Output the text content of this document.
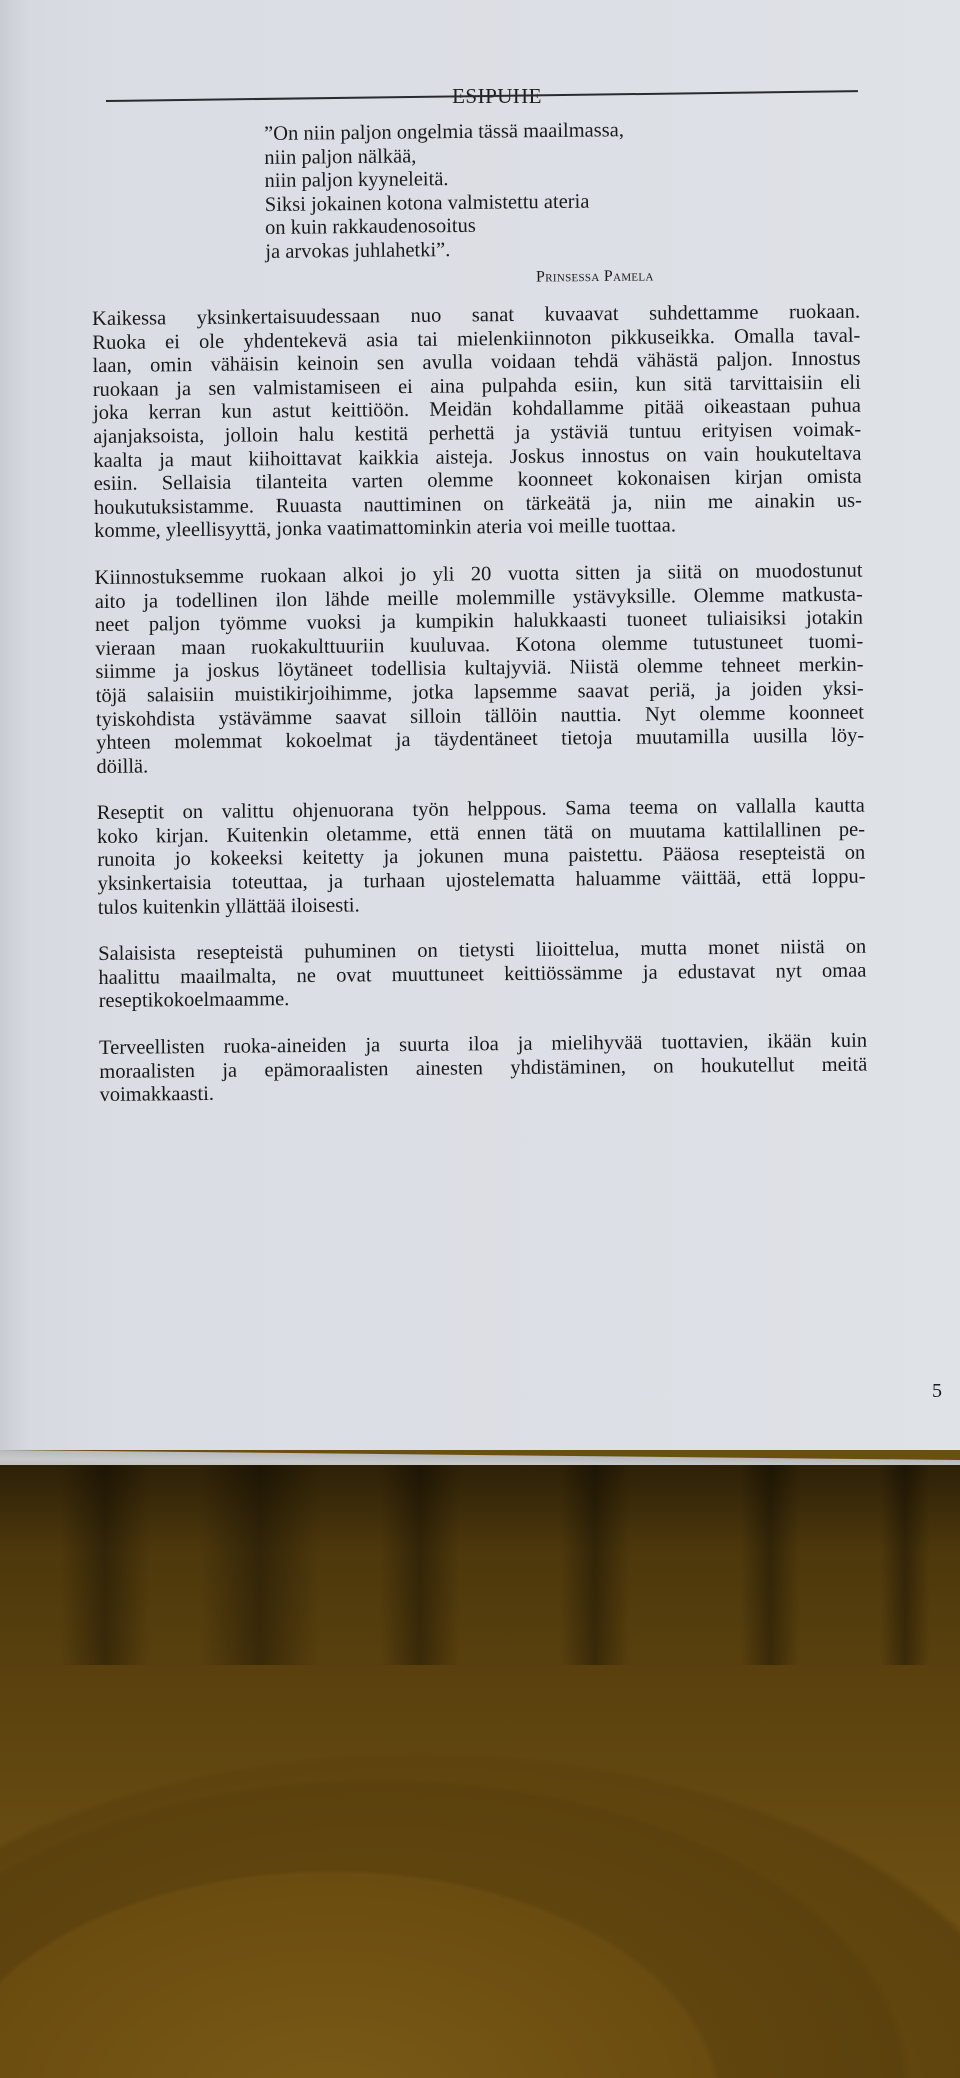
”On niin paljon ongelmia tässä maailmassa,
niin paljon nälkää,
niin paljon kyyneleitä.
Siksi jokainen kotona valmistettu ateria
on kuin rakkaudenosoitus
ja arvokas juhlahetki”.
Prinsessa Pamela
Kaikessa yksinkertaisuudessaan nuo sanat kuvaavat suhdettamme ruokaan.
Ruoka ei ole yhdentekevä asia tai mielenkiinnoton pikkuseikka. Omalla taval-
laan, omin vähäisin keinoin sen avulla voidaan tehdä vähästä paljon. Innostus
ruokaan ja sen valmistamiseen ei aina pulpahda esiin, kun sitä tarvittaisiin eli
joka kerran kun astut keittiöön. Meidän kohdallamme pitää oikeastaan puhua
ajanjaksoista, jolloin halu kestitä perhettä ja ystäviä tuntuu erityisen voimak-
kaalta ja maut kiihoittavat kaikkia aisteja. Joskus innostus on vain houkuteltava
esiin. Sellaisia tilanteita varten olemme koonneet kokonaisen kirjan omista
houkutuksistamme. Ruuasta nauttiminen on tärkeätä ja, niin me ainakin us-
komme, yleellisyyttä, jonka vaatimattominkin ateria voi meille tuottaa.
Kiinnostuksemme ruokaan alkoi jo yli 20 vuotta sitten ja siitä on muodostunut
aito ja todellinen ilon lähde meille molemmille ystävyksille. Olemme matkusta-
neet paljon työmme vuoksi ja kumpikin halukkaasti tuoneet tuliaisiksi jotakin
vieraan maan ruokakulttuuriin kuuluvaa. Kotona olemme tutustuneet tuomi-
siimme ja joskus löytäneet todellisia kultajyviä. Niistä olemme tehneet merkin-
töjä salaisiin muistikirjoihimme, jotka lapsemme saavat periä, ja joiden yksi-
tyiskohdista ystävämme saavat silloin tällöin nauttia. Nyt olemme koonneet
yhteen molemmat kokoelmat ja täydentäneet tietoja muutamilla uusilla löy-
döillä.
Reseptit on valittu ohjenuorana työn helppous. Sama teema on vallalla kautta
koko kirjan. Kuitenkin oletamme, että ennen tätä on muutama kattilallinen pe-
runoita jo kokeeksi keitetty ja jokunen muna paistettu. Pääosa resepteistä on
yksinkertaisia toteuttaa, ja turhaan ujostelematta haluamme väittää, että loppu-
tulos kuitenkin yllättää iloisesti.
Salaisista resepteistä puhuminen on tietysti liioittelua, mutta monet niistä on
haalittu maailmalta, ne ovat muuttuneet keittiössämme ja edustavat nyt omaa
reseptikokoelmaamme.
Terveellisten ruoka-aineiden ja suurta iloa ja mielihyvää tuottavien, ikään kuin
moraalisten ja epämoraalisten ainesten yhdistäminen, on houkutellut meitä
voimakkaasti.
5
